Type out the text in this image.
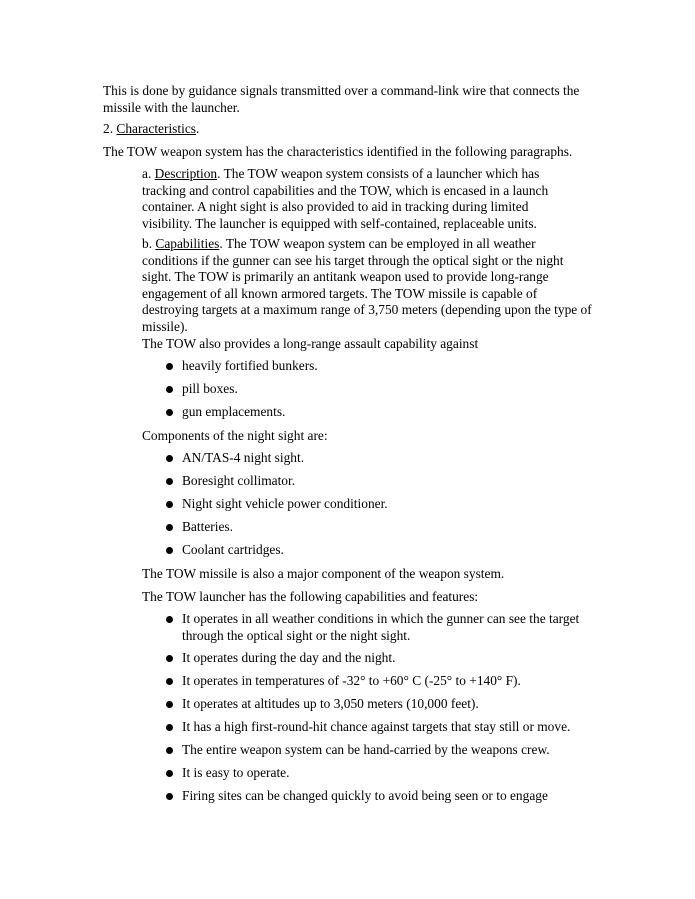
This is done by guidance signals transmitted over a command-link wire that connects the missile with the launcher.

2. Characteristics.

The TOW weapon system has the characteristics identified in the following paragraphs.

a. Description. The TOW weapon system consists of a launcher which has tracking and control capabilities and the TOW, which is encased in a launch container. A night sight is also provided to aid in tracking during limited visibility. The launcher is equipped with self-contained, replaceable units.

b. Capabilities. The TOW weapon system can be employed in all weather conditions if the gunner can see his target through the optical sight or the night sight. The TOW is primarily an antitank weapon used to provide long-range engagement of all known armored targets. The TOW missile is capable of destroying targets at a maximum range of 3,750 meters (depending upon the type of missile).

The TOW also provides a long-range assault capability against

heavily fortified bunkers.

pill boxes.

gun emplacements.

Components of the night sight are:

AN/TAS-4 night sight.

Boresight collimator.

Night sight vehicle power conditioner.

Batteries.

Coolant cartridges.

The TOW missile is also a major component of the weapon system.

The TOW launcher has the following capabilities and features:

It operates in all weather conditions in which the gunner can see the target through the optical sight or the night sight.

It operates during the day and the night.

It operates in temperatures of -32° to +60° C (-25° to +140° F).

It operates at altitudes up to 3,050 meters (10,000 feet).

It has a high first-round-hit chance against targets that stay still or move.

The entire weapon system can be hand-carried by the weapons crew.

It is easy to operate.

Firing sites can be changed quickly to avoid being seen or to engage
